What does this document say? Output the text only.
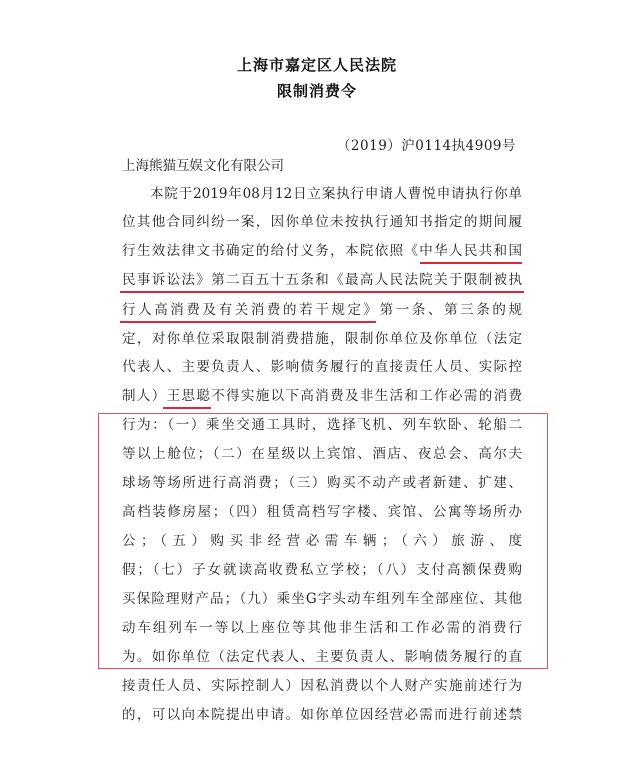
上海市嘉定区人民法院
限制消费令
（2019）沪0114执4909号
上海熊猫互娱文化有限公司
本院于2019年08月12日立案执行申请人曹悦申请执行你单
位其他合同纠纷一案，因你单位未按执行通知书指定的期间履
行生效法律文书确定的给付义务，本院依照《中华人民共和国
民事诉讼法》第二百五十五条和《最高人民法院关于限制被执
行人高消费及有关消费的若干规定》第一条、第三条的规
定，对你单位采取限制消费措施，限制你单位及你单位（法定
代表人、主要负责人、影响债务履行的直接责任人员、实际控
制人）王思聪不得实施以下高消费及非生活和工作必需的消费
行为：（一）乘坐交通工具时，选择飞机、列车软卧、轮船二
等以上舱位；（二）在星级以上宾馆、酒店、夜总会、高尔夫
球场等场所进行高消费；（三）购买不动产或者新建、扩建、
高档装修房屋；（四）租赁高档写字楼、宾馆、公寓等场所办
公；（五）购买非经营必需车辆；（六）旅游、度
假；（七）子女就读高收费私立学校；（八）支付高额保费购
买保险理财产品；（九）乘坐G字头动车组列车全部座位、其他
动车组列车一等以上座位等其他非生活和工作必需的消费行
为。如你单位（法定代表人、主要负责人、影响债务履行的直
接责任人员、实际控制人）因私消费以个人财产实施前述行为
的，可以向本院提出申请。如你单位因经营必需而进行前述禁
